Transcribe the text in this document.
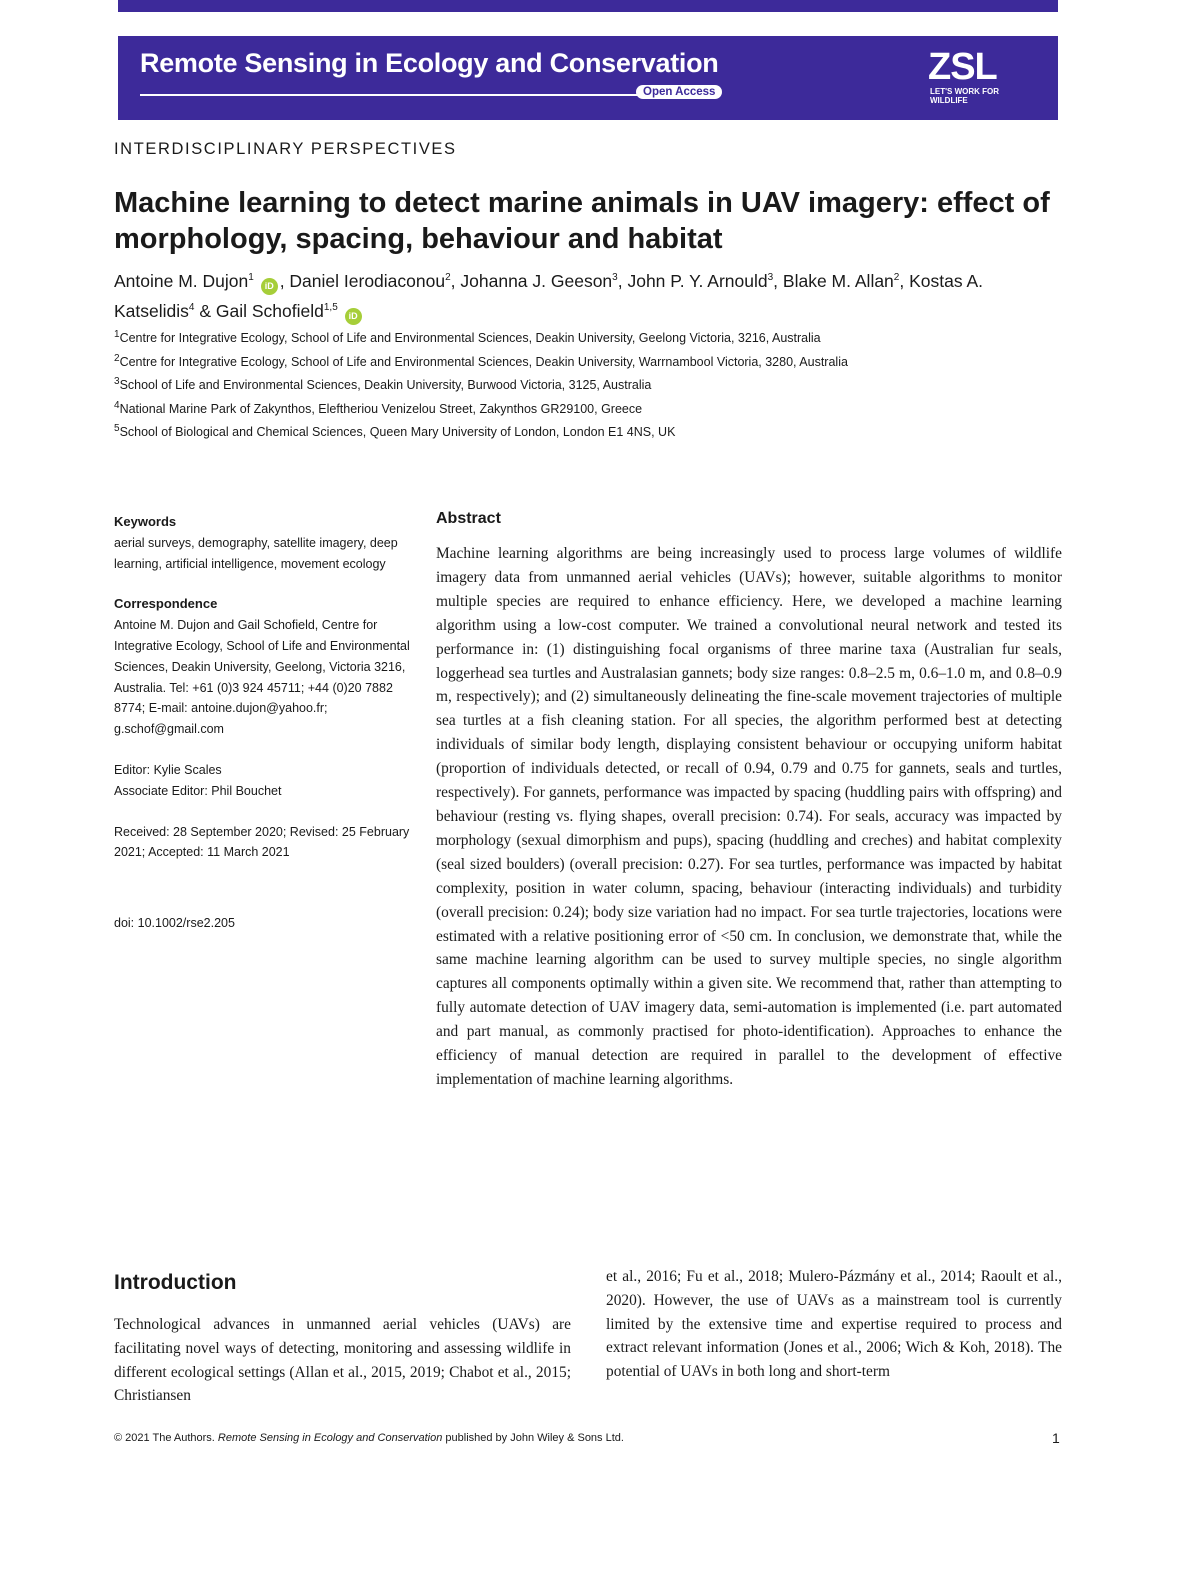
Remote Sensing in Ecology and Conservation
Open Access
ZSL
LET'S WORK FOR WILDLIFE
INTERDISCIPLINARY PERSPECTIVES
Machine learning to detect marine animals in UAV imagery: effect of morphology, spacing, behaviour and habitat
Antoine M. Dujon$^1$ iD , Daniel Ierodiaconou$^2$, Johanna J. Geeson$^3$, John P. Y. Arnould$^3$, Blake M. Allan$^2$, Kostas A. Katselidis$^4$ & Gail Schofield$^{1,5}$ iD
$^1$Centre for Integrative Ecology, School of Life and Environmental Sciences, Deakin University, Geelong Victoria, 3216, Australia
$^2$Centre for Integrative Ecology, School of Life and Environmental Sciences, Deakin University, Warrnambool Victoria, 3280, Australia
$^3$School of Life and Environmental Sciences, Deakin University, Burwood Victoria, 3125, Australia
$^4$National Marine Park of Zakynthos, Eleftheriou Venizelou Street, Zakynthos GR29100, Greece
$^5$School of Biological and Chemical Sciences, Queen Mary University of London, London E1 4NS, UK
Keywords
aerial surveys, demography, satellite imagery, deep learning, artificial intelligence, movement ecology
Correspondence
Antoine M. Dujon and Gail Schofield, Centre for Integrative Ecology, School of Life and Environmental Sciences, Deakin University, Geelong, Victoria 3216, Australia. Tel: +61 (0)3 924 45711; +44 (0)20 7882 8774; E-mail: antoine.dujon@yahoo.fr; g.schof@gmail.com
Editor: Kylie Scales
Associate Editor: Phil Bouchet
Received: 28 September 2020; Revised: 25 February 2021; Accepted: 11 March 2021
doi: 10.1002/rse2.205
Abstract
Machine learning algorithms are being increasingly used to process large volumes of wildlife imagery data from unmanned aerial vehicles (UAVs); however, suitable algorithms to monitor multiple species are required to enhance efficiency. Here, we developed a machine learning algorithm using a low-cost computer. We trained a convolutional neural network and tested its performance in: (1) distinguishing focal organisms of three marine taxa (Australian fur seals, loggerhead sea turtles and Australasian gannets; body size ranges: 0.8–2.5 m, 0.6–1.0 m, and 0.8–0.9 m, respectively); and (2) simultaneously delineating the fine-scale movement trajectories of multiple sea turtles at a fish cleaning station. For all species, the algorithm performed best at detecting individuals of similar body length, displaying consistent behaviour or occupying uniform habitat (proportion of individuals detected, or recall of 0.94, 0.79 and 0.75 for gannets, seals and turtles, respectively). For gannets, performance was impacted by spacing (huddling pairs with offspring) and behaviour (resting vs. flying shapes, overall precision: 0.74). For seals, accuracy was impacted by morphology (sexual dimorphism and pups), spacing (huddling and creches) and habitat complexity (seal sized boulders) (overall precision: 0.27). For sea turtles, performance was impacted by habitat complexity, position in water column, spacing, behaviour (interacting individuals) and turbidity (overall precision: 0.24); body size variation had no impact. For sea turtle trajectories, locations were estimated with a relative positioning error of <50 cm. In conclusion, we demonstrate that, while the same machine learning algorithm can be used to survey multiple species, no single algorithm captures all components optimally within a given site. We recommend that, rather than attempting to fully automate detection of UAV imagery data, semi-automation is implemented (i.e. part automated and part manual, as commonly practised for photo-identification). Approaches to enhance the efficiency of manual detection are required in parallel to the development of effective implementation of machine learning algorithms.
Introduction
Technological advances in unmanned aerial vehicles (UAVs) are facilitating novel ways of detecting, monitoring and assessing wildlife in different ecological settings (Allan et al., 2015, 2019; Chabot et al., 2015; Christiansen
et al., 2016; Fu et al., 2018; Mulero-Pázmány et al., 2014; Raoult et al., 2020). However, the use of UAVs as a mainstream tool is currently limited by the extensive time and expertise required to process and extract relevant information (Jones et al., 2006; Wich & Koh, 2018). The potential of UAVs in both long and short-term
© 2021 The Authors. Remote Sensing in Ecology and Conservation published by John Wiley & Sons Ltd.	1
